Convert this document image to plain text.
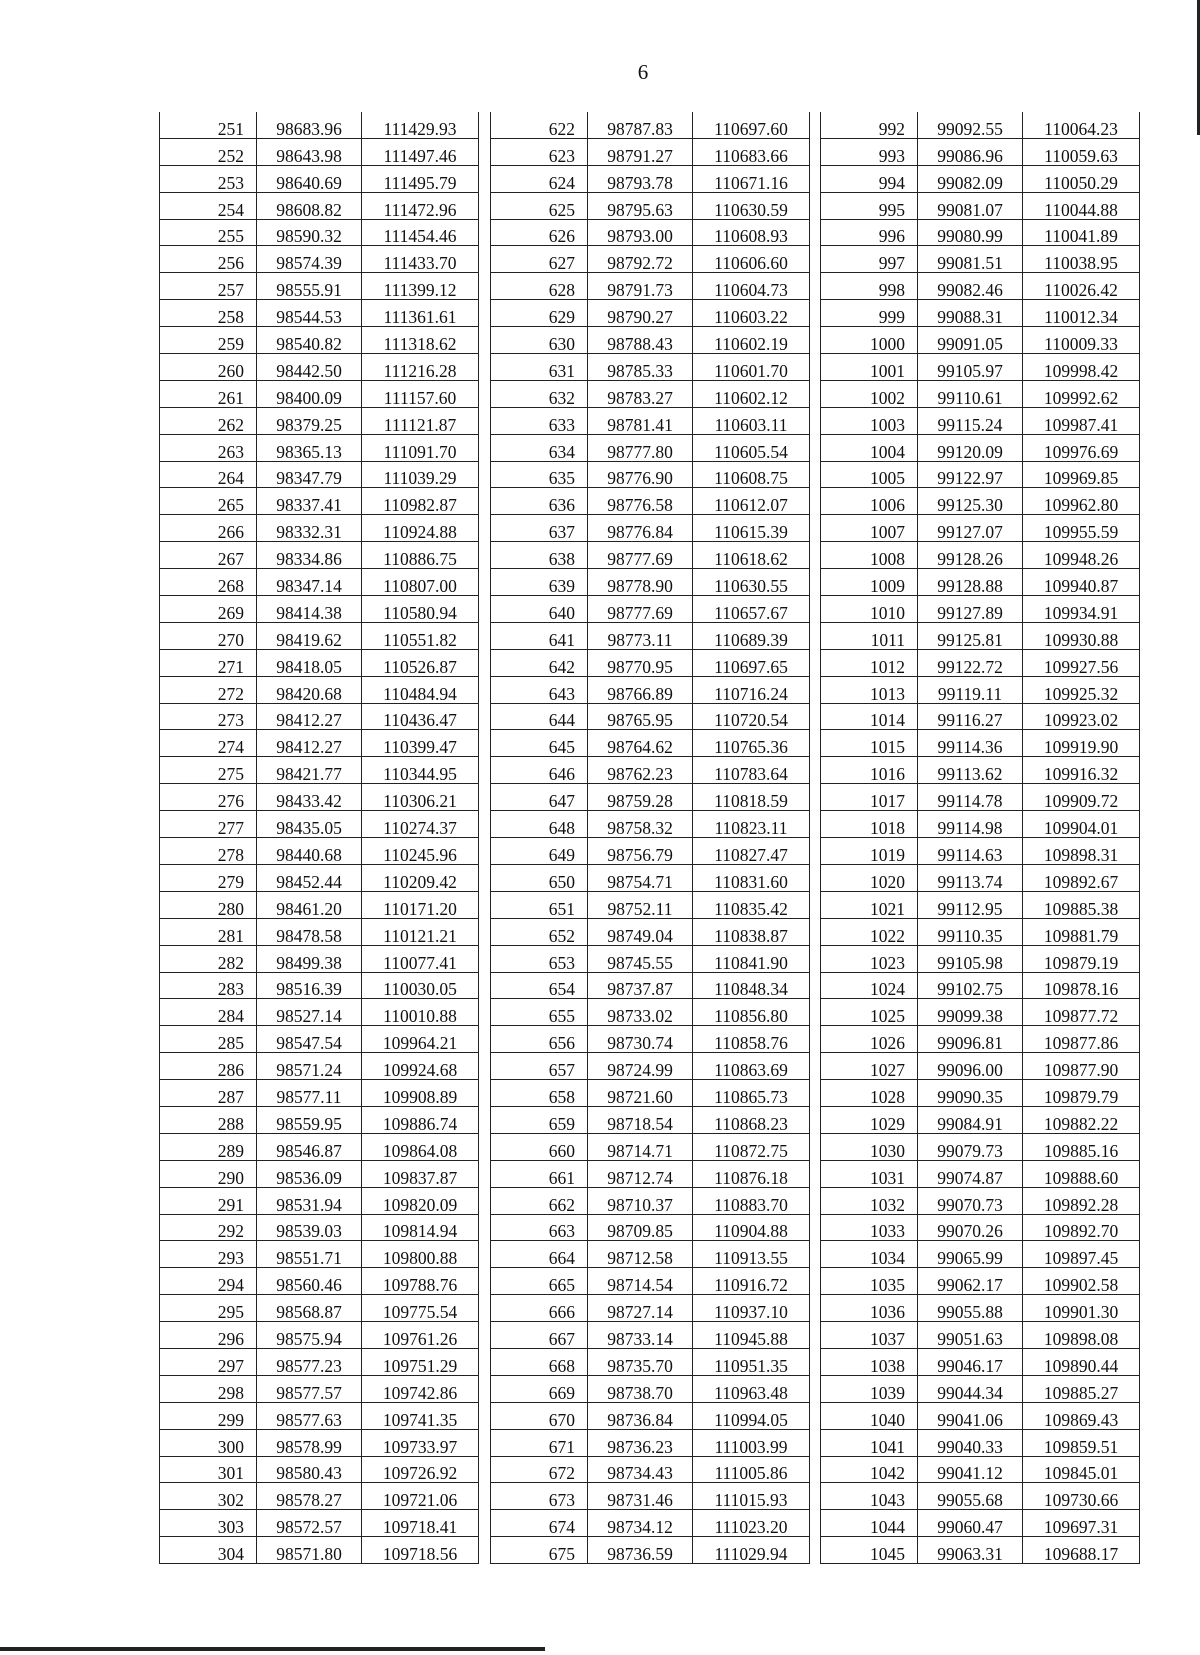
6
251	98683.96	111429.93
252	98643.98	111497.46
253	98640.69	111495.79
254	98608.82	111472.96
255	98590.32	111454.46
256	98574.39	111433.70
257	98555.91	111399.12
258	98544.53	111361.61
259	98540.82	111318.62
260	98442.50	111216.28
261	98400.09	111157.60
262	98379.25	111121.87
263	98365.13	111091.70
264	98347.79	111039.29
265	98337.41	110982.87
266	98332.31	110924.88
267	98334.86	110886.75
268	98347.14	110807.00
269	98414.38	110580.94
270	98419.62	110551.82
271	98418.05	110526.87
272	98420.68	110484.94
273	98412.27	110436.47
274	98412.27	110399.47
275	98421.77	110344.95
276	98433.42	110306.21
277	98435.05	110274.37
278	98440.68	110245.96
279	98452.44	110209.42
280	98461.20	110171.20
281	98478.58	110121.21
282	98499.38	110077.41
283	98516.39	110030.05
284	98527.14	110010.88
285	98547.54	109964.21
286	98571.24	109924.68
287	98577.11	109908.89
288	98559.95	109886.74
289	98546.87	109864.08
290	98536.09	109837.87
291	98531.94	109820.09
292	98539.03	109814.94
293	98551.71	109800.88
294	98560.46	109788.76
295	98568.87	109775.54
296	98575.94	109761.26
297	98577.23	109751.29
298	98577.57	109742.86
299	98577.63	109741.35
300	98578.99	109733.97
301	98580.43	109726.92
302	98578.27	109721.06
303	98572.57	109718.41
304	98571.80	109718.56
622	98787.83	110697.60
623	98791.27	110683.66
624	98793.78	110671.16
625	98795.63	110630.59
626	98793.00	110608.93
627	98792.72	110606.60
628	98791.73	110604.73
629	98790.27	110603.22
630	98788.43	110602.19
631	98785.33	110601.70
632	98783.27	110602.12
633	98781.41	110603.11
634	98777.80	110605.54
635	98776.90	110608.75
636	98776.58	110612.07
637	98776.84	110615.39
638	98777.69	110618.62
639	98778.90	110630.55
640	98777.69	110657.67
641	98773.11	110689.39
642	98770.95	110697.65
643	98766.89	110716.24
644	98765.95	110720.54
645	98764.62	110765.36
646	98762.23	110783.64
647	98759.28	110818.59
648	98758.32	110823.11
649	98756.79	110827.47
650	98754.71	110831.60
651	98752.11	110835.42
652	98749.04	110838.87
653	98745.55	110841.90
654	98737.87	110848.34
655	98733.02	110856.80
656	98730.74	110858.76
657	98724.99	110863.69
658	98721.60	110865.73
659	98718.54	110868.23
660	98714.71	110872.75
661	98712.74	110876.18
662	98710.37	110883.70
663	98709.85	110904.88
664	98712.58	110913.55
665	98714.54	110916.72
666	98727.14	110937.10
667	98733.14	110945.88
668	98735.70	110951.35
669	98738.70	110963.48
670	98736.84	110994.05
671	98736.23	111003.99
672	98734.43	111005.86
673	98731.46	111015.93
674	98734.12	111023.20
675	98736.59	111029.94
992	99092.55	110064.23
993	99086.96	110059.63
994	99082.09	110050.29
995	99081.07	110044.88
996	99080.99	110041.89
997	99081.51	110038.95
998	99082.46	110026.42
999	99088.31	110012.34
1000	99091.05	110009.33
1001	99105.97	109998.42
1002	99110.61	109992.62
1003	99115.24	109987.41
1004	99120.09	109976.69
1005	99122.97	109969.85
1006	99125.30	109962.80
1007	99127.07	109955.59
1008	99128.26	109948.26
1009	99128.88	109940.87
1010	99127.89	109934.91
1011	99125.81	109930.88
1012	99122.72	109927.56
1013	99119.11	109925.32
1014	99116.27	109923.02
1015	99114.36	109919.90
1016	99113.62	109916.32
1017	99114.78	109909.72
1018	99114.98	109904.01
1019	99114.63	109898.31
1020	99113.74	109892.67
1021	99112.95	109885.38
1022	99110.35	109881.79
1023	99105.98	109879.19
1024	99102.75	109878.16
1025	99099.38	109877.72
1026	99096.81	109877.86
1027	99096.00	109877.90
1028	99090.35	109879.79
1029	99084.91	109882.22
1030	99079.73	109885.16
1031	99074.87	109888.60
1032	99070.73	109892.28
1033	99070.26	109892.70
1034	99065.99	109897.45
1035	99062.17	109902.58
1036	99055.88	109901.30
1037	99051.63	109898.08
1038	99046.17	109890.44
1039	99044.34	109885.27
1040	99041.06	109869.43
1041	99040.33	109859.51
1042	99041.12	109845.01
1043	99055.68	109730.66
1044	99060.47	109697.31
1045	99063.31	109688.17
